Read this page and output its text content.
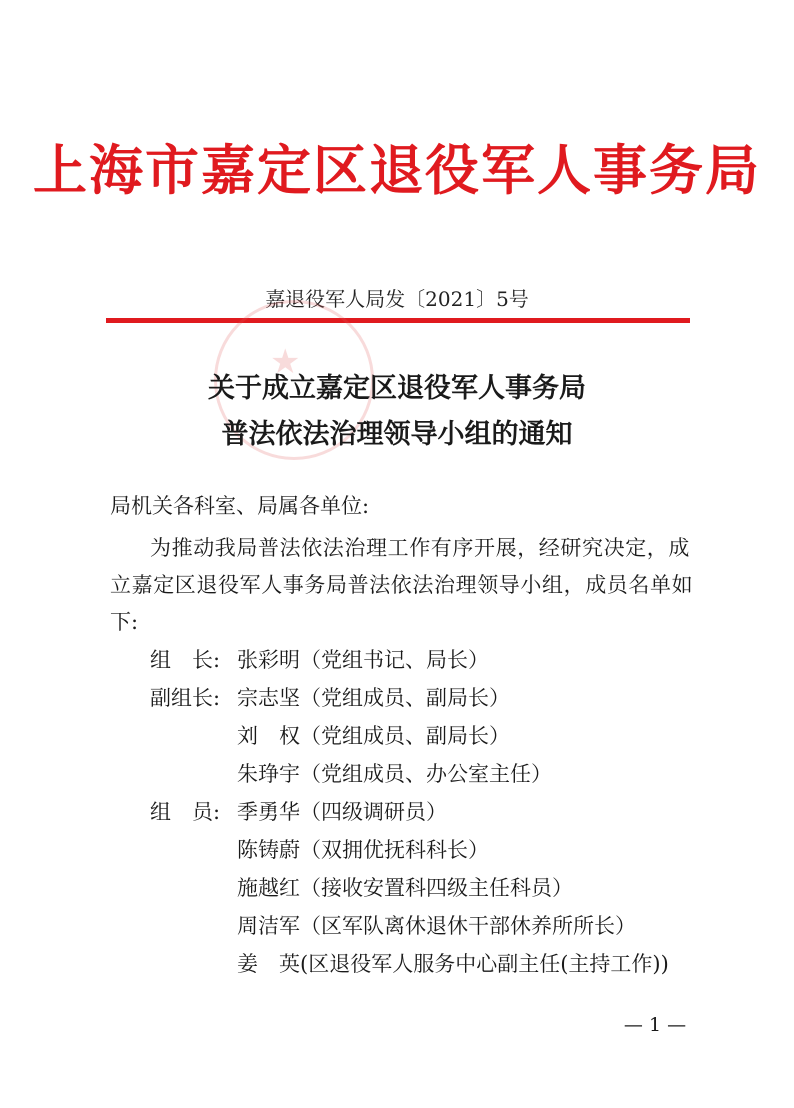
上海市嘉定区退役军人事务局
嘉退役军人局发〔2021〕5号
★
关于成立嘉定区退役军人事务局
普法依法治理领导小组的通知
局机关各科室、局属各单位:
为推动我局普法依法治理工作有序开展，经研究决定，成
立嘉定区退役军人事务局普法依法治理领导小组，成员名单如
下:
组　长: 张彩明（党组书记、局长）
副组长: 宗志坚（党组成员、副局长）
刘　权（党组成员、副局长）
朱琤宇（党组成员、办公室主任）
组　员: 季勇华（四级调研员）
陈铸蔚（双拥优抚科科长）
施越红（接收安置科四级主任科员）
周洁军（区军队离休退休干部休养所所长）
姜　英(区退役军人服务中心副主任(主持工作))
— 1 —
